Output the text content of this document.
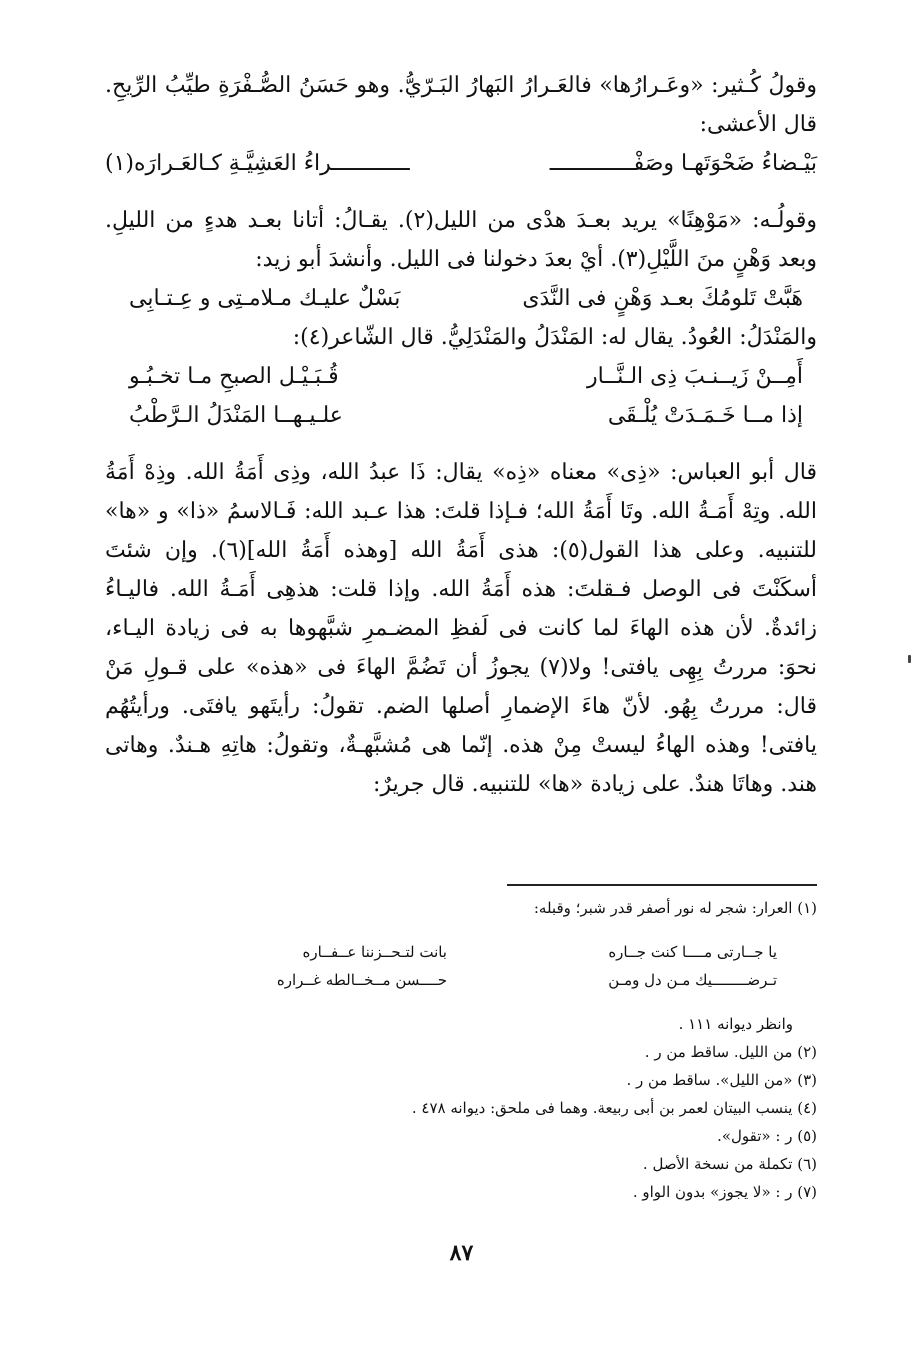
وقولُ كُـثير: «وعَـرارُها» فالعَـرارُ البَهارُ البَـرّيُّ. وهو حَسَنُ الصُّـفْرَةِ طيِّبُ الرِّيحِ. قال الأعشى:

بَيْـضاءُ ضَحْوَتَهـا وصَفْـــــــــــــ
ــــــــــــراءُ العَشِيَّـةِ كـالعَـرارَه(١)

وقولُـه: «مَوْهِنًا» يريد بعـدَ هدْى من الليل(٢). يقـالُ: أتانا بعـد هدءٍ من الليلِ. وبعد وَهْنٍ منَ اللَّيْلِ(٣). أيْ بعدَ دخولنا فى الليل. وأنشدَ أبو زيد:

هَبَّتْ تَلومُكَ بعـد وَهْنٍ فى النَّدَى
بَسْلٌ عليـك مـلامـتِى و عِـتـابِى

والمَنْدَلُ: العُودُ. يقال له: المَنْدَلُ والمَنْدَلِيُّ. قال الشّاعر(٤):

أَمِــنْ زَيــنـبَ ذِى الـنَّــار
قُـبَـيْـل الصبحِ مـا تخـبُـو
إذا مــا خَـمَـدَتْ يُلْـقَى
علـيـهــا المَنْدَلُ الـرَّطْبُ

قال أبو العباس: «ذِى» معناه «ذِه» يقال: ذَا عبدُ الله، وذِى أَمَةُ الله. وذِهْ أَمَةُ الله. وتِهْ أَمَـةُ الله. وتَا أَمَةُ الله؛ فـإذا قلتَ: هذا عـبد الله: فَـالاسمُ «ذا» و «ها» للتنبيه. وعلى هذا القول(٥): هذى أَمَةُ الله [وهذه أَمَةُ الله](٦). وإن شئتَ أسكَنْتَ فى الوصل فـقلتَ: هذه أَمَةُ الله. وإذا قلت: هذهِى أَمَـةُ الله. فاليـاءُ زائدةٌ. لأن هذه الهاءَ لما كانت فى لَفظِ المضـمرِ شبَّهوها به فى زيادة اليـاء، نحوَ: مررتُ بِهِى يافتى! ولا(٧) يجوزُ أن تَضُمَّ الهاءَ فى «هذه» على قـولِ مَنْ قال: مررتُ بِهُو. لأنّ هاءَ الإضمارِ أصلها الضم. تقولُ: رأيتَهو يافتَى. ورأيتُهُم يافتى! وهذه الهاءُ ليستْ مِنْ هذه. إنّما هى مُشبَّهـةٌ، وتقولُ: هاتِهِ هـندٌ. وهاتى هند. وهاتَا هندٌ. على زيادة «ها» للتنبيه. قال جريرٌ:

(١) العرار: شجر له نور أصفر قدر شبر؛ وقبله:

يا جــارتى مــــا كنت جــاره
بانت لتـحــزننا عــفــاره
تـرضــــــــيك مـن دل ومـن
حــــسن مــخــالطه غــراره

وانظر ديوانه ١١١ .

(٢) من الليل. ساقط من ر .

(٣) «من الليل». ساقط من ر .

(٤) ينسب البيتان لعمر بن أبى ربيعة. وهما فى ملحق: ديوانه ٤٧٨ .

(٥) ر : «تقول».

(٦) تكملة من نسخة الأصل .

(٧) ر : «لا يجوز» بدون الواو .

٨٧
